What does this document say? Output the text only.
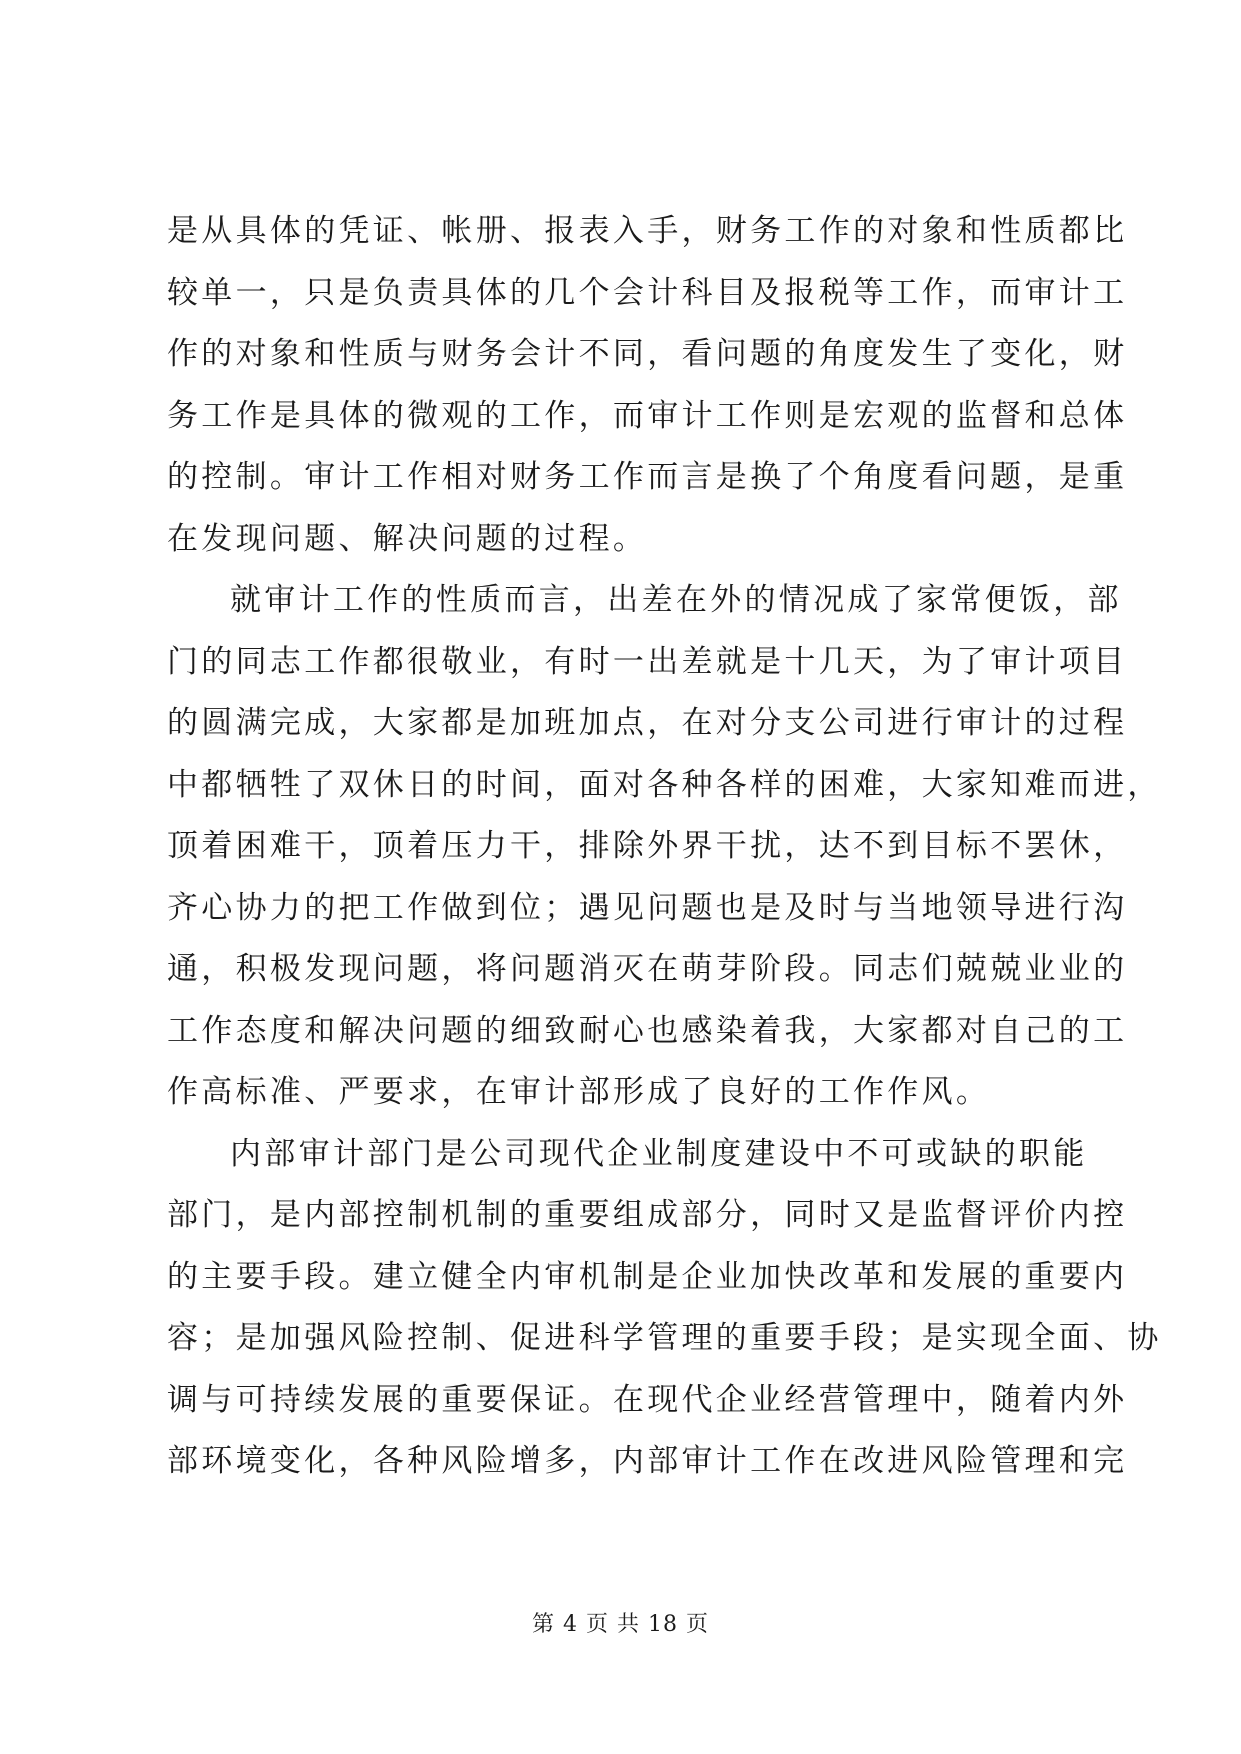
是从具体的凭证、帐册、报表入手，财务工作的对象和性质都比
较单一，只是负责具体的几个会计科目及报税等工作，而审计工
作的对象和性质与财务会计不同，看问题的角度发生了变化，财
务工作是具体的微观的工作，而审计工作则是宏观的监督和总体
的控制。审计工作相对财务工作而言是换了个角度看问题，是重
在发现问题、解决问题的过程。
就审计工作的性质而言，出差在外的情况成了家常便饭，部
门的同志工作都很敬业，有时一出差就是十几天，为了审计项目
的圆满完成，大家都是加班加点，在对分支公司进行审计的过程
中都牺牲了双休日的时间，面对各种各样的困难，大家知难而进，
顶着困难干，顶着压力干，排除外界干扰，达不到目标不罢休，
齐心协力的把工作做到位；遇见问题也是及时与当地领导进行沟
通，积极发现问题，将问题消灭在萌芽阶段。同志们兢兢业业的
工作态度和解决问题的细致耐心也感染着我，大家都对自己的工
作高标准、严要求，在审计部形成了良好的工作作风。
内部审计部门是公司现代企业制度建设中不可或缺的职能
部门，是内部控制机制的重要组成部分，同时又是监督评价内控
的主要手段。建立健全内审机制是企业加快改革和发展的重要内
容；是加强风险控制、促进科学管理的重要手段；是实现全面、协
调与可持续发展的重要保证。在现代企业经营管理中，随着内外
部环境变化，各种风险增多，内部审计工作在改进风险管理和完
第 4 页 共 18 页
